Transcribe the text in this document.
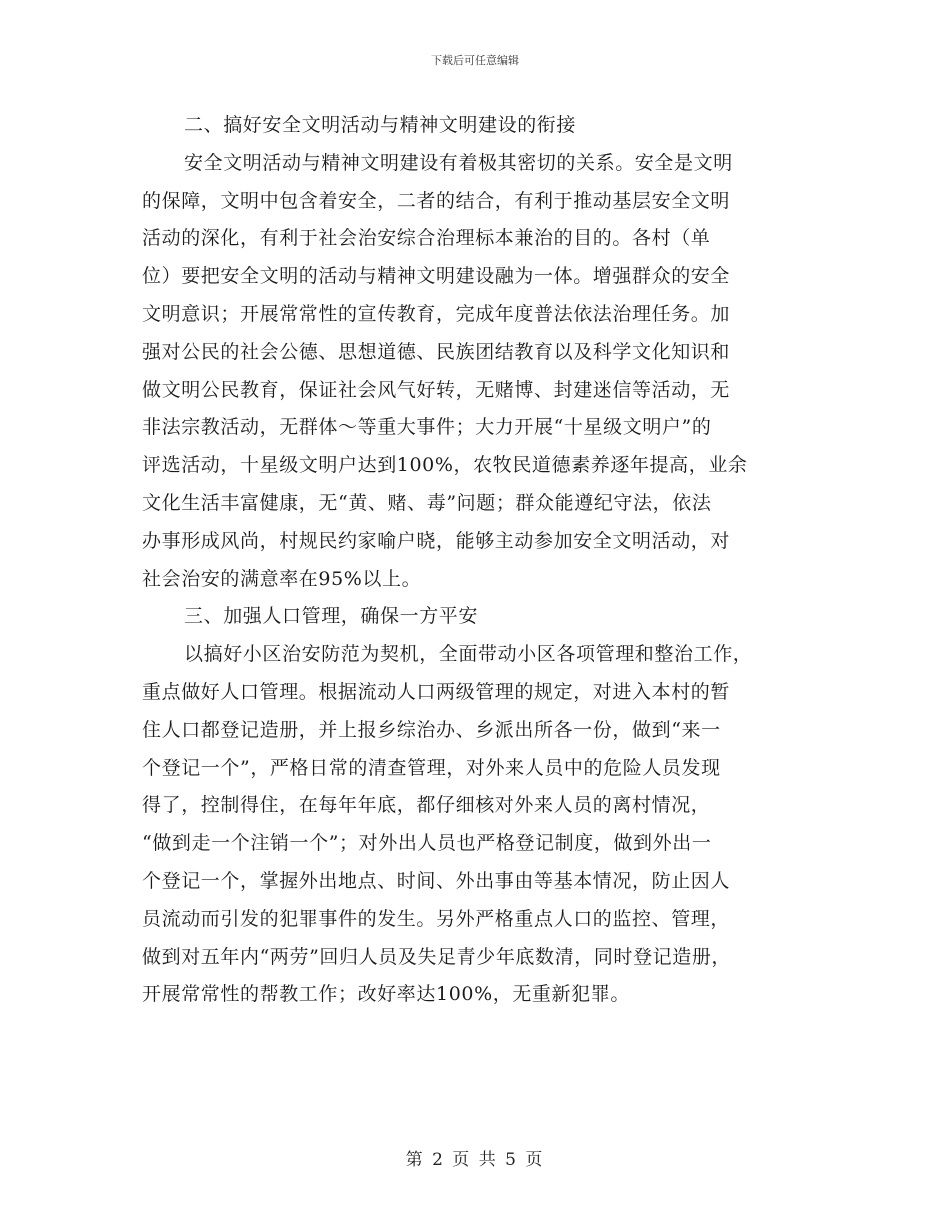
下载后可任意编辑
二、搞好安全文明活动与精神文明建设的衔接
安全文明活动与精神文明建设有着极其密切的关系。安全是文明
的保障，文明中包含着安全，二者的结合，有利于推动基层安全文明
活动的深化，有利于社会治安综合治理标本兼治的目的。各村（单
位）要把安全文明的活动与精神文明建设融为一体。增强群众的安全
文明意识；开展常常性的宣传教育，完成年度普法依法治理任务。加
强对公民的社会公德、思想道德、民族团结教育以及科学文化知识和
做文明公民教育，保证社会风气好转，无赌博、封建迷信等活动，无
非法宗教活动，无群体～等重大事件；大力开展“十星级文明户”的
评选活动，十星级文明户达到100%，农牧民道德素养逐年提高，业余
文化生活丰富健康，无“黄、赌、毒”问题；群众能遵纪守法，依法
办事形成风尚，村规民约家喻户晓，能够主动参加安全文明活动，对
社会治安的满意率在95%以上。
三、加强人口管理，确保一方平安
以搞好小区治安防范为契机，全面带动小区各项管理和整治工作，
重点做好人口管理。根据流动人口两级管理的规定，对进入本村的暂
住人口都登记造册，并上报乡综治办、乡派出所各一份，做到“来一
个登记一个”，严格日常的清查管理，对外来人员中的危险人员发现
得了，控制得住，在每年年底，都仔细核对外来人员的离村情况，
“做到走一个注销一个”；对外出人员也严格登记制度，做到外出一
个登记一个，掌握外出地点、时间、外出事由等基本情况，防止因人
员流动而引发的犯罪事件的发生。另外严格重点人口的监控、管理，
做到对五年内“两劳”回归人员及失足青少年底数清，同时登记造册，
开展常常性的帮教工作；改好率达100%，无重新犯罪。
第 2 页 共 5 页
